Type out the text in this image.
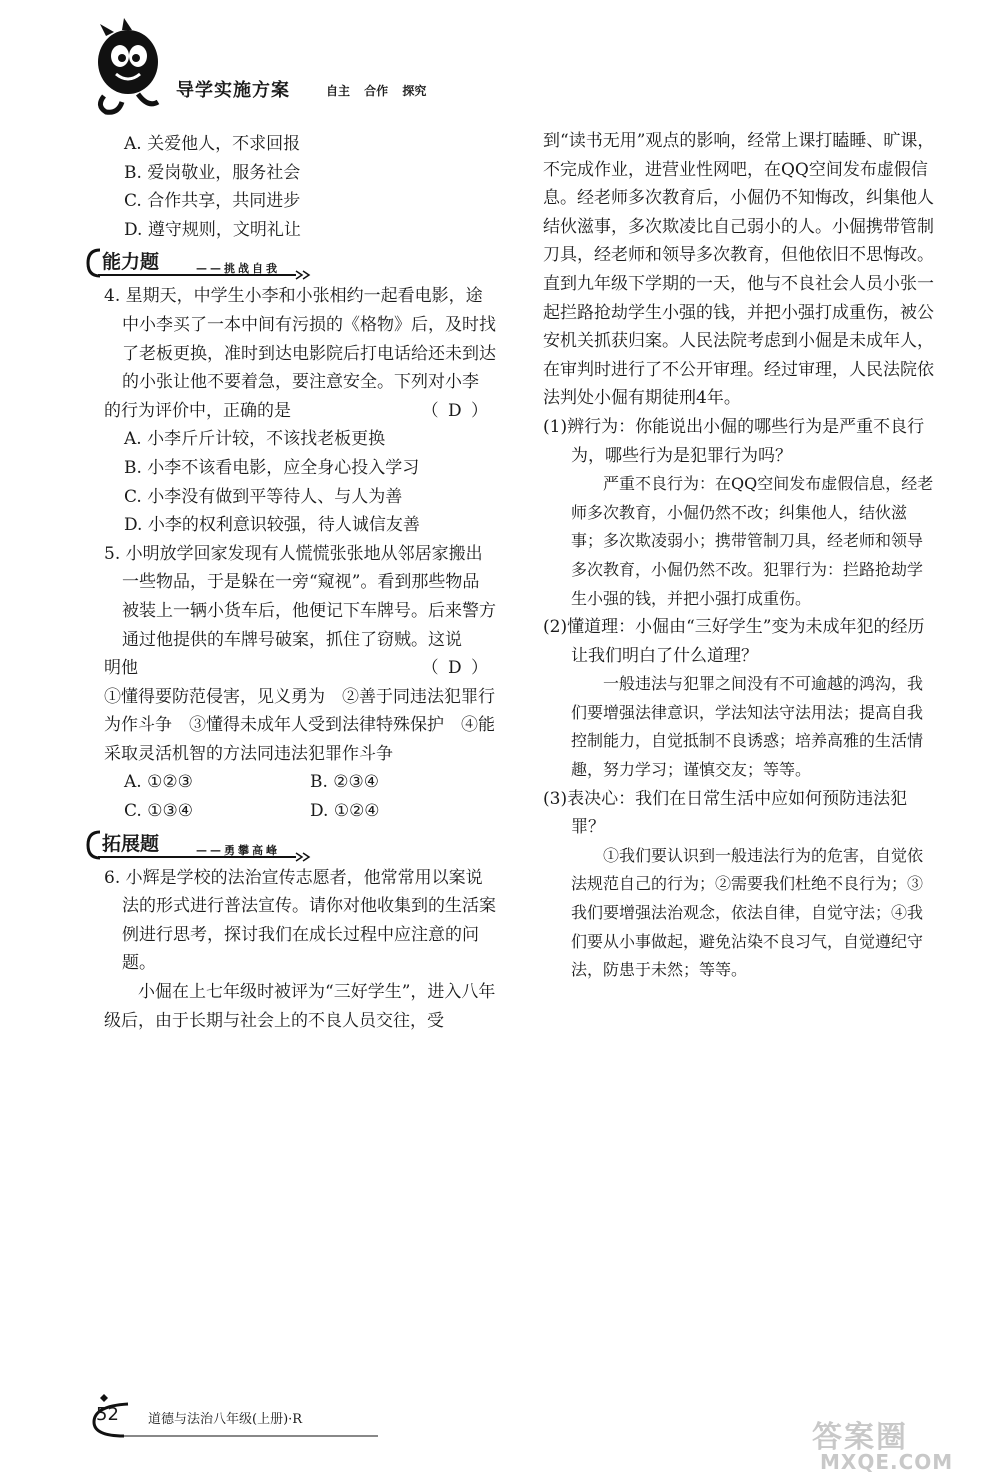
导学实施方案	自主 合作 探究
A. 关爱他人，不求回报
B. 爱岗敬业，服务社会
C. 合作共享，共同进步
D. 遵守规则，文明礼让
能力题	——挑战自我
4. 星期天，中学生小李和小张相约一起看电影，途中小李买了一本中间有污损的《格物》后，及时找了老板更换，准时到达电影院后打电话给还未到达的小张让他不要着急，要注意安全。下列对小李
的行为评价中，正确的是	（ D ）
A. 小李斤斤计较，不该找老板更换
B. 小李不该看电影，应全身心投入学习
C. 小李没有做到平等待人、与人为善
D. 小李的权利意识较强，待人诚信友善
5. 小明放学回家发现有人慌慌张张地从邻居家搬出一些物品，于是躲在一旁“窥视”。看到那些物品被装上一辆小货车后，他便记下车牌号。后来警方通过他提供的车牌号破案，抓住了窃贼。这说
明他	（ D ）
①懂得要防范侵害，见义勇为　②善于同违法犯罪行为作斗争　③懂得未成年人受到法律特殊保护　④能采取灵活机智的方法同违法犯罪作斗争
A. ①②③	B. ②③④
C. ①③④	D. ①②④
拓展题	——勇攀高峰
6. 小辉是学校的法治宣传志愿者，他常常用以案说法的形式进行普法宣传。请你对他收集到的生活案例进行思考，探讨我们在成长过程中应注意的问题。
小倔在上七年级时被评为“三好学生”，进入八年级后，由于长期与社会上的不良人员交往，受
到“读书无用”观点的影响，经常上课打瞌睡、旷课，不完成作业，进营业性网吧，在QQ空间发布虚假信息。经老师多次教育后，小倔仍不知悔改，纠集他人结伙滋事，多次欺凌比自己弱小的人。小倔携带管制刀具，经老师和领导多次教育，但他依旧不思悔改。直到九年级下学期的一天，他与不良社会人员小张一起拦路抢劫学生小强的钱，并把小强打成重伤，被公安机关抓获归案。人民法院考虑到小倔是未成年人，在审判时进行了不公开审理。经过审理，人民法院依法判处小倔有期徒刑4年。
(1)辨行为：你能说出小倔的哪些行为是严重不良行为，哪些行为是犯罪行为吗？
严重不良行为：在QQ空间发布虚假信息，经老师多次教育，小倔仍然不改；纠集他人，结伙滋事；多次欺凌弱小；携带管制刀具，经老师和领导多次教育，小倔仍然不改。犯罪行为：拦路抢劫学生小强的钱，并把小强打成重伤。
(2)懂道理：小倔由“三好学生”变为未成年犯的经历让我们明白了什么道理？
一般违法与犯罪之间没有不可逾越的鸿沟，我们要增强法律意识，学法知法守法用法；提高自我控制能力，自觉抵制不良诱惑；培养高雅的生活情趣，努力学习；谨慎交友；等等。
(3)表决心：我们在日常生活中应如何预防违法犯罪？
①我们要认识到一般违法行为的危害，自觉依法规范自己的行为；②需要我们杜绝不良行为；③我们要增强法治观念，依法自律，自觉守法；④我们要从小事做起，避免沾染不良习气，自觉遵纪守法，防患于未然；等等。
52 道德与法治八年级(上册)·R
答案圈
MXQE.COM
